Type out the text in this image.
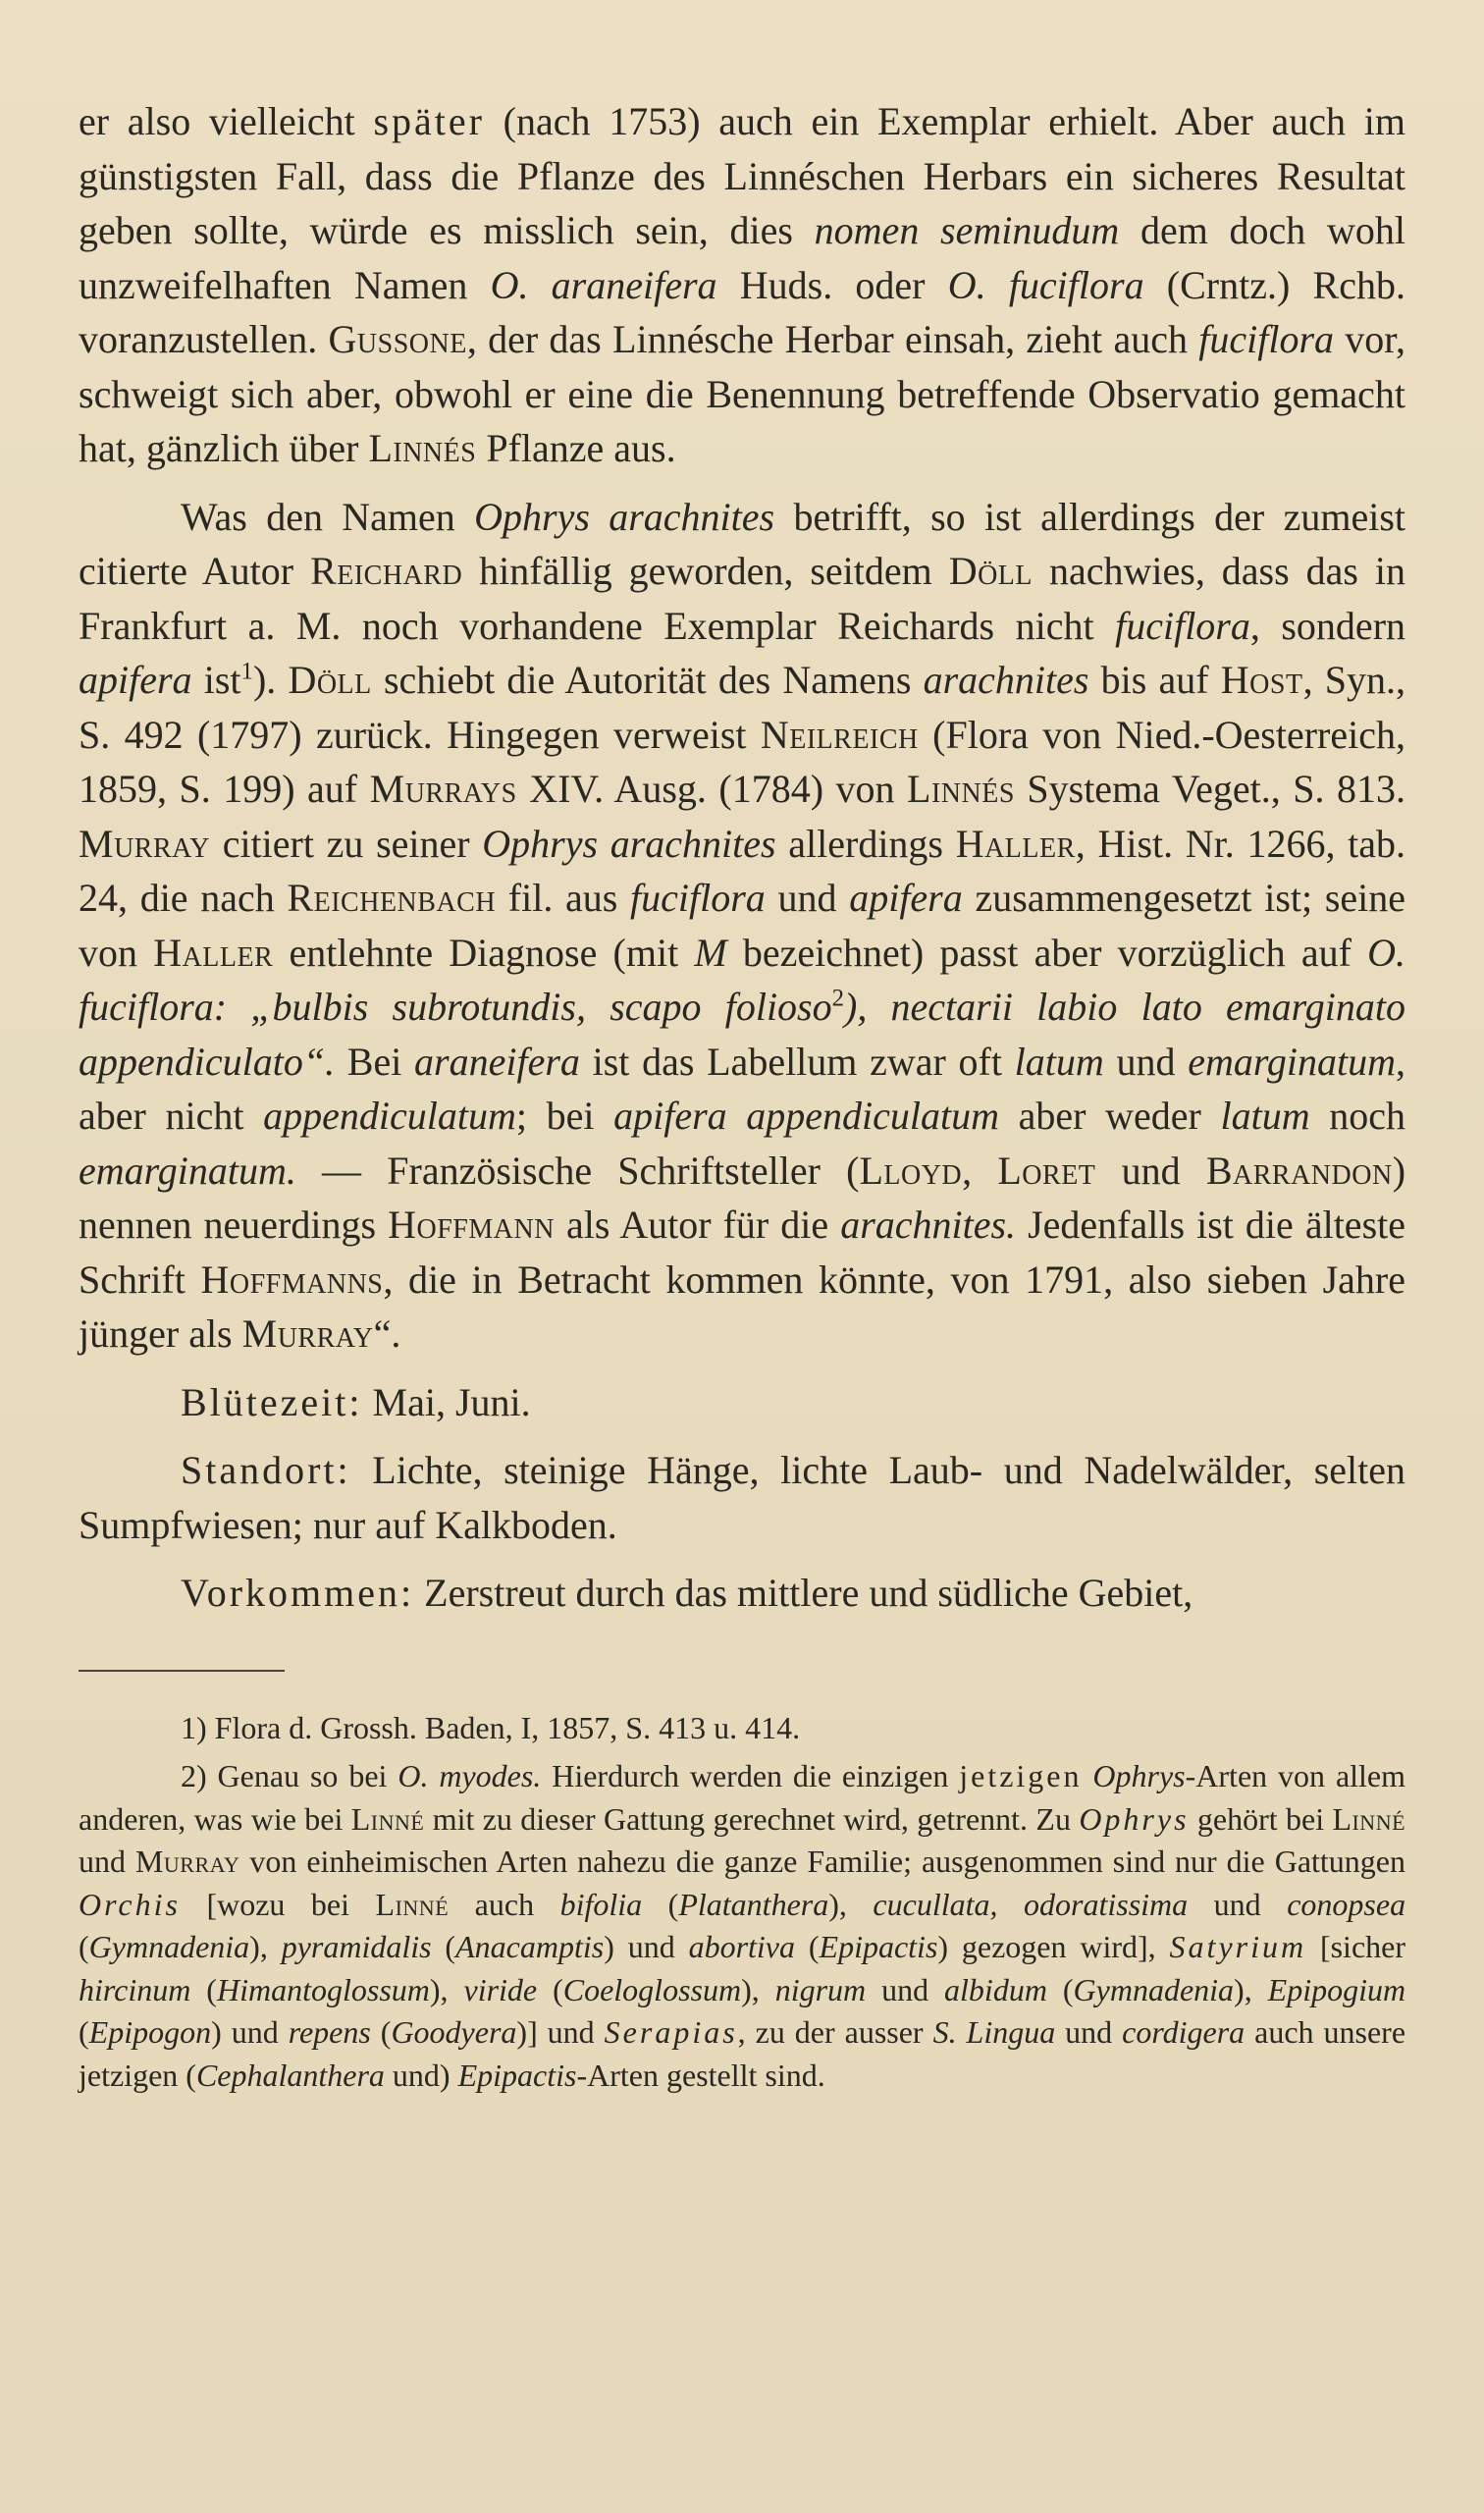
er also vielleicht später (nach 1753) auch ein Exemplar erhielt. Aber auch im günstigsten Fall, dass die Pflanze des Linnéschen Herbars ein sicheres Resultat geben sollte, würde es misslich sein, dies nomen seminudum dem doch wohl unzweifelhaften Namen O. araneifera Huds. oder O. fuciflora (Crntz.) Rchb. voranzustellen. Gussone, der das Linnésche Herbar einsah, zieht auch fuciflora vor, schweigt sich aber, obwohl er eine die Benennung betreffende Observatio gemacht hat, gänzlich über Linnés Pflanze aus.

Was den Namen Ophrys arachnites betrifft, so ist allerdings der zumeist citierte Autor Reichard hinfällig geworden, seitdem Döll nachwies, dass das in Frankfurt a. M. noch vorhandene Exemplar Reichards nicht fuciflora, sondern apifera ist$^1$). Döll schiebt die Autorität des Namens arachnites bis auf Host, Syn., S. 492 (1797) zurück. Hingegen verweist Neilreich (Flora von Nied.-Oesterreich, 1859, S. 199) auf Murrays XIV. Ausg. (1784) von Linnés Systema Veget., S. 813. Murray citiert zu seiner Ophrys arachnites allerdings Haller, Hist. Nr. 1266, tab. 24, die nach Reichenbach fil. aus fuciflora und apifera zusammengesetzt ist; seine von Haller entlehnte Diagnose (mit M bezeichnet) passt aber vorzüglich auf O. fuciflora: „bulbis subrotundis, scapo folioso$^2$), nectarii labio lato emarginato appendiculato“. Bei araneifera ist das Labellum zwar oft latum und emarginatum, aber nicht appendiculatum; bei apifera appendiculatum aber weder latum noch emarginatum. — Französische Schriftsteller (Lloyd, Loret und Barrandon) nennen neuerdings Hoffmann als Autor für die arachnites. Jedenfalls ist die älteste Schrift Hoffmanns, die in Betracht kommen könnte, von 1791, also sieben Jahre jünger als Murray“.

Blütezeit: Mai, Juni.

Standort: Lichte, steinige Hänge, lichte Laub- und Nadelwälder, selten Sumpfwiesen; nur auf Kalkboden.

Vorkommen: Zerstreut durch das mittlere und südliche Gebiet,

1) Flora d. Grossh. Baden, I, 1857, S. 413 u. 414.

2) Genau so bei O. myodes. Hierdurch werden die einzigen jetzigen Ophrys-Arten von allem anderen, was wie bei Linné mit zu dieser Gattung gerechnet wird, getrennt. Zu Ophrys gehört bei Linné und Murray von einheimischen Arten nahezu die ganze Familie; ausgenommen sind nur die Gattungen Orchis [wozu bei Linné auch bifolia (Platanthera), cucullata, odoratissima und conopsea (Gymnadenia), pyramidalis (Anacamptis) und abortiva (Epipactis) gezogen wird], Satyrium [sicher hircinum (Himantoglossum), viride (Coeloglossum), nigrum und albidum (Gymnadenia), Epipogium (Epipogon) und repens (Goodyera)] und Serapias, zu der ausser S. Lingua und cordigera auch unsere jetzigen (Cephalanthera und) Epipactis-Arten gestellt sind.
